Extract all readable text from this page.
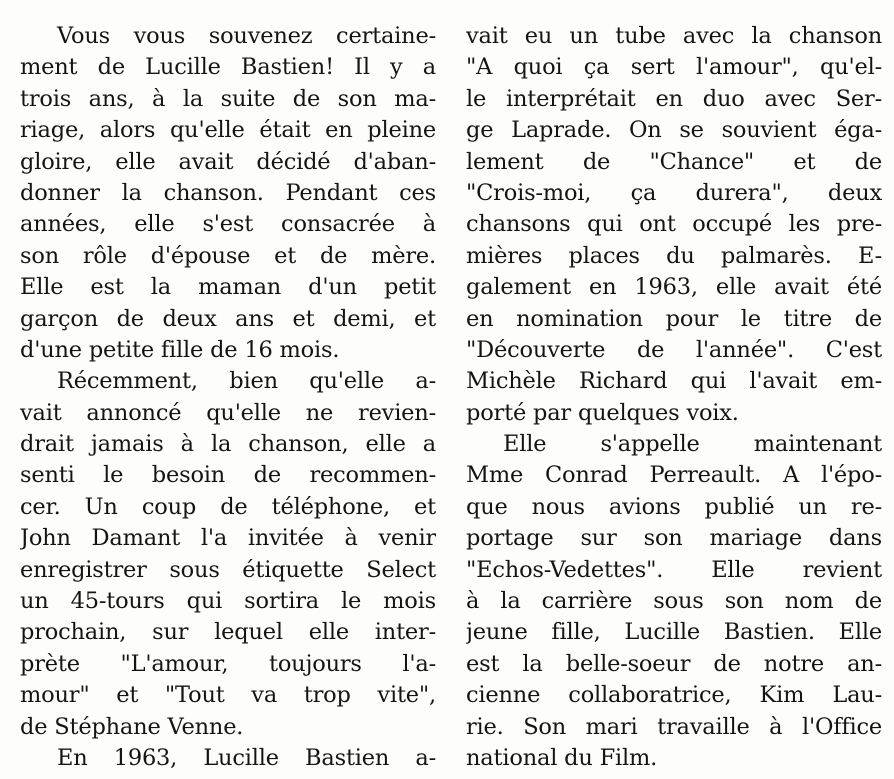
Vous vous souvenez certaine-
ment de Lucille Bastien! Il y a
trois ans, à la suite de son ma-
riage, alors qu'elle était en pleine
gloire, elle avait décidé d'aban-
donner la chanson. Pendant ces
années, elle s'est consacrée à
son rôle d'épouse et de mère.
Elle est la maman d'un petit
garçon de deux ans et demi, et
d'une petite fille de 16 mois.
Récemment, bien qu'elle a-
vait annoncé qu'elle ne revien-
drait jamais à la chanson, elle a
senti le besoin de recommen-
cer. Un coup de téléphone, et
John Damant l'a invitée à venir
enregistrer sous étiquette Select
un 45-tours qui sortira le mois
prochain, sur lequel elle inter-
prète "L'amour, toujours l'a-
mour" et "Tout va trop vite",
de Stéphane Venne.
En 1963, Lucille Bastien a-
vait eu un tube avec la chanson
"A quoi ça sert l'amour", qu'el-
le interprétait en duo avec Ser-
ge Laprade. On se souvient éga-
lement de "Chance" et de
"Crois-moi, ça durera", deux
chansons qui ont occupé les pre-
mières places du palmarès. E-
galement en 1963, elle avait été
en nomination pour le titre de
"Découverte de l'année". C'est
Michèle Richard qui l'avait em-
porté par quelques voix.
Elle s'appelle maintenant
Mme Conrad Perreault. A l'épo-
que nous avions publié un re-
portage sur son mariage dans
"Echos-Vedettes". Elle revient
à la carrière sous son nom de
jeune fille, Lucille Bastien. Elle
est la belle-soeur de notre an-
cienne collaboratrice, Kim Lau-
rie. Son mari travaille à l'Office
national du Film.
